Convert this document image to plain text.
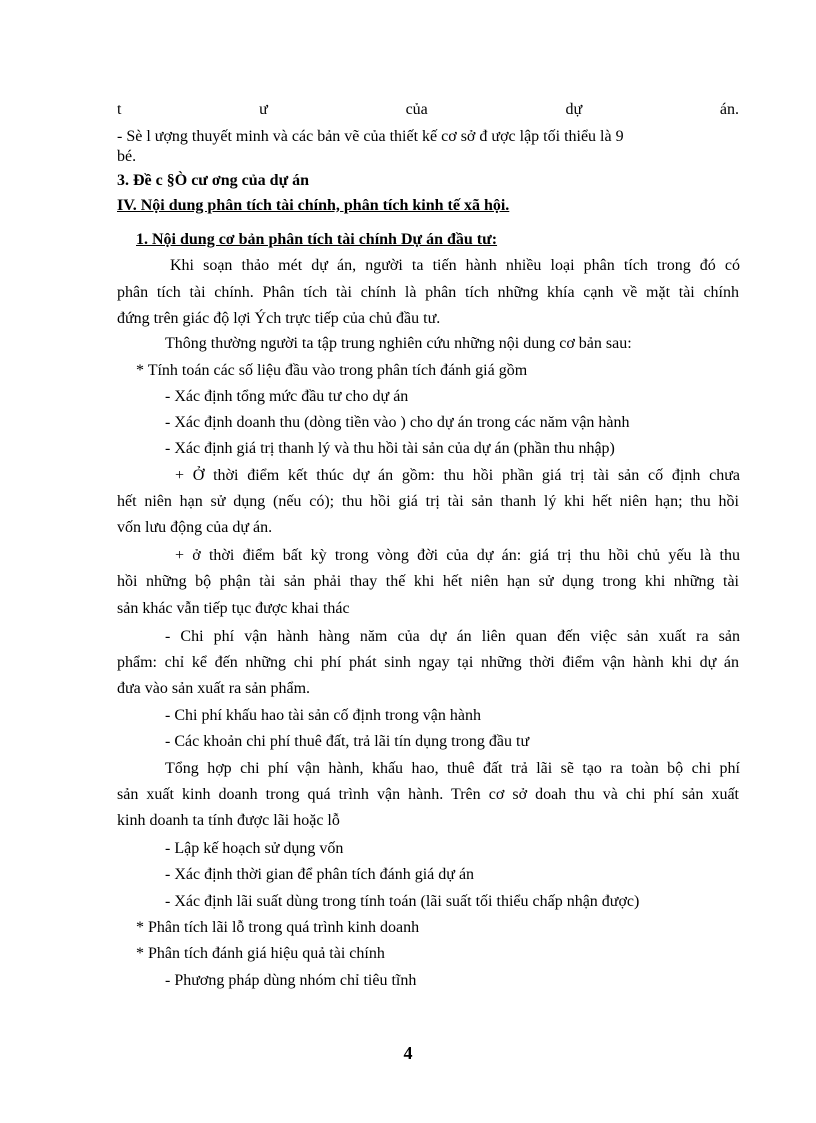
t ư của dự án.
- Sè l ượng thuyết minh và các bản vẽ của thiết kế cơ sở đ ược lập tối thiểu là 9
bé.
3. Đề c §Ò cư ơng của dự án
IV. Nội dung phân tích tài chính, phân tích kinh tế xã hội.
1. Nội dung cơ bản phân tích tài chính Dự án đầu tư:
Khi soạn thảo mét dự án, người ta tiến hành nhiều loại phân tích trong đó có
phân tích tài chính. Phân tích tài chính là phân tích những khía cạnh về mặt tài chính
đứng trên giác độ lợi Ých trực tiếp của chủ đầu tư.
Thông thường người ta tập trung nghiên cứu những nội dung cơ bản sau:
* Tính toán các số liệu đầu vào trong phân tích đánh giá gồm
- Xác định tổng mức đầu tư cho dự án
- Xác định doanh thu (dòng tiền vào ) cho dự án trong các năm vận hành
- Xác định giá trị thanh lý và thu hồi tài sản của dự án (phần thu nhập)
+ Ở thời điểm kết thúc dự án gồm: thu hồi phần giá trị tài sản cố định chưa
hết niên hạn sử dụng (nếu có); thu hồi giá trị tài sản thanh lý khi hết niên hạn; thu hồi
vốn lưu động của dự án.
+ ở thời điểm bất kỳ trong vòng đời của dự án: giá trị thu hồi chủ yếu là thu
hồi những bộ phận tài sản phải thay thế khi hết niên hạn sử dụng trong khi những tài
sản khác vẫn tiếp tục được khai thác
- Chi phí vận hành hàng năm của dự án liên quan đến việc sản xuất ra sản
phẩm: chỉ kể đến những chi phí phát sinh ngay tại những thời điểm vận hành khi dự án
đưa vào sản xuất ra sản phẩm.
- Chi phí khấu hao tài sản cố định trong vận hành
- Các khoản chi phí thuê đất, trả lãi tín dụng trong đầu tư
Tổng hợp chi phí vận hành, khấu hao, thuê đất trả lãi sẽ tạo ra toàn bộ chi phí
sản xuất kinh doanh trong quá trình vận hành. Trên cơ sở doah thu và chi phí sản xuất
kinh doanh ta tính được lãi hoặc lỗ
- Lập kế hoạch sử dụng vốn
- Xác định thời gian để phân tích đánh giá dự án
- Xác định lãi suất dùng trong tính toán (lãi suất tối thiểu chấp nhận được)
* Phân tích lãi lỗ trong quá trình kinh doanh
* Phân tích đánh giá hiệu quả tài chính
- Phương pháp dùng nhóm chỉ tiêu tĩnh
4
